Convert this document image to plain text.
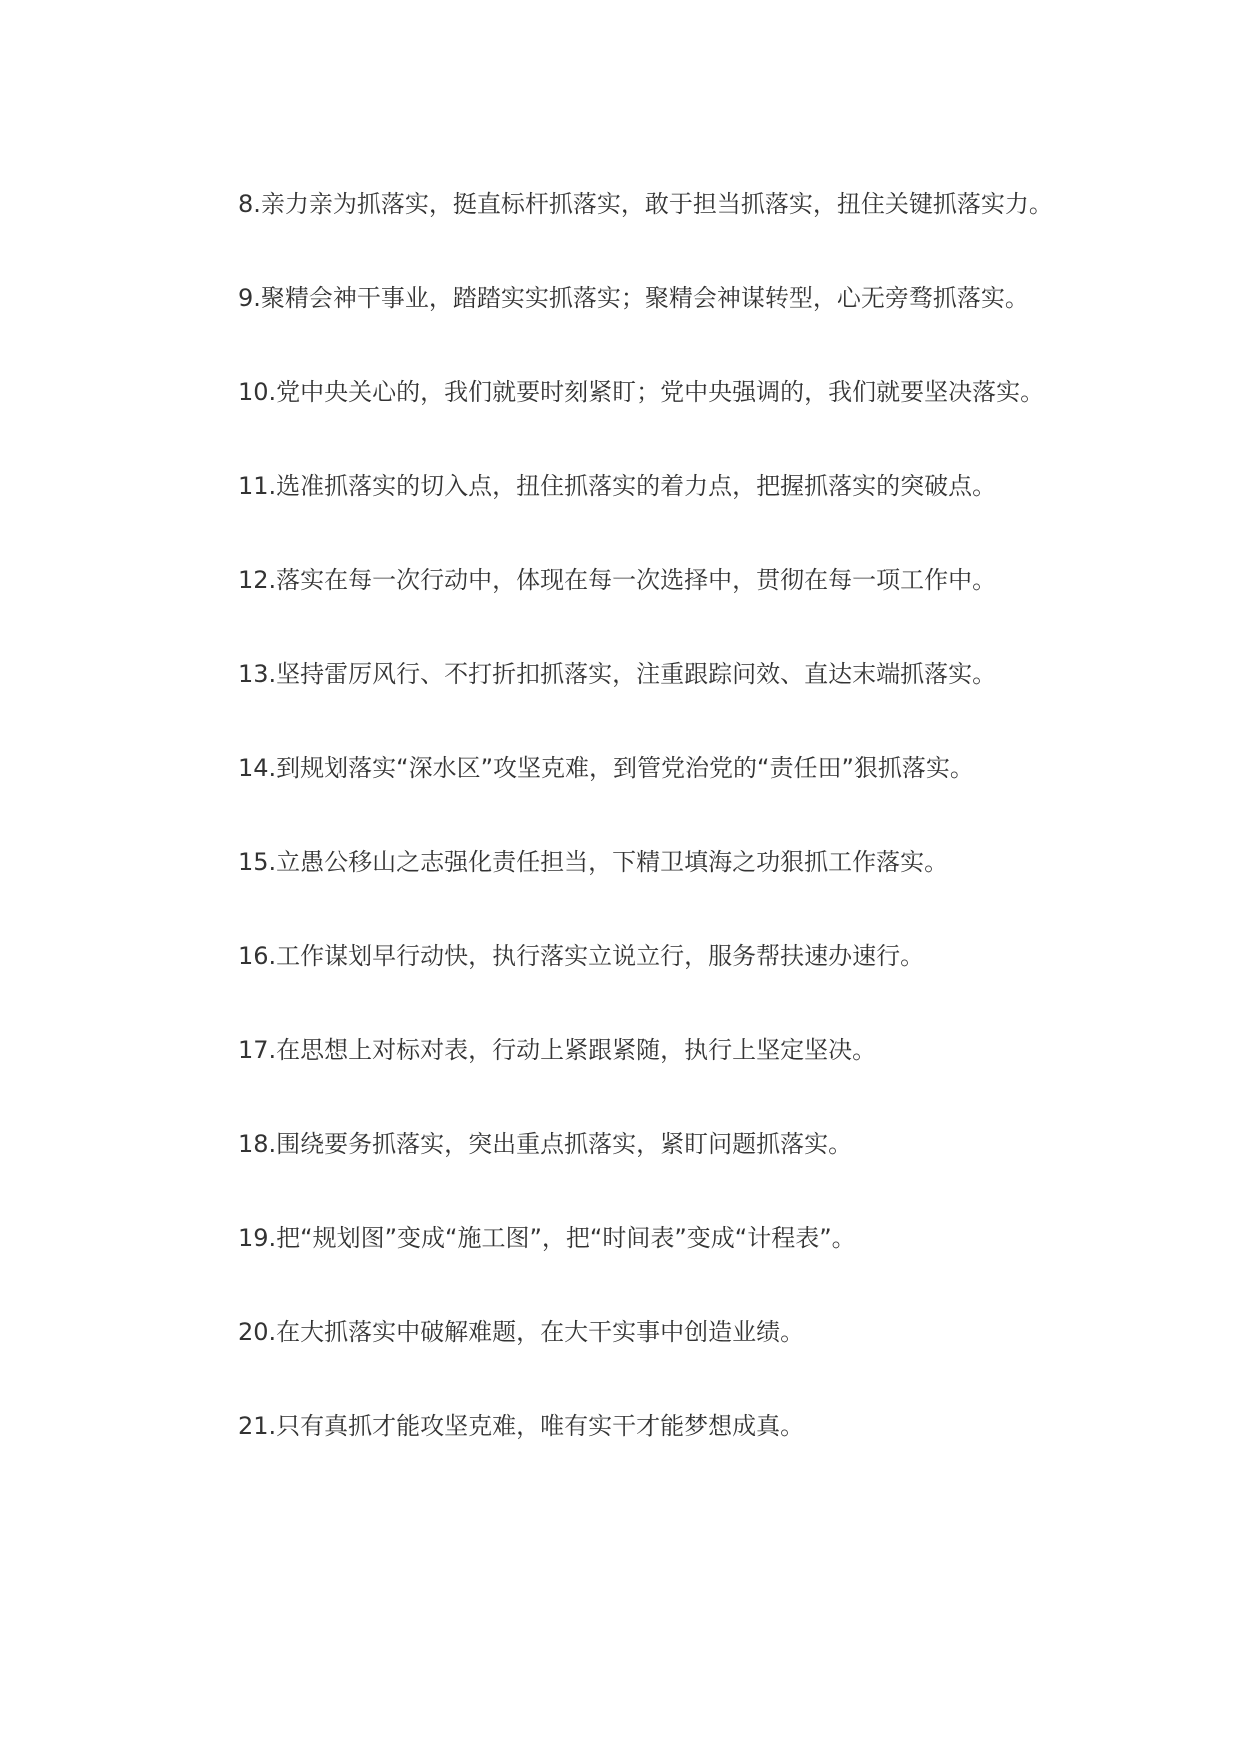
8.亲力亲为抓落实，挺直标杆抓落实，敢于担当抓落实，扭住关键抓落实力。
9.聚精会神干事业，踏踏实实抓落实；聚精会神谋转型，心无旁骛抓落实。
10.党中央关心的，我们就要时刻紧盯；党中央强调的，我们就要坚决落实。
11.选准抓落实的切入点，扭住抓落实的着力点，把握抓落实的突破点。
12.落实在每一次行动中，体现在每一次选择中，贯彻在每一项工作中。
13.坚持雷厉风行、不打折扣抓落实，注重跟踪问效、直达末端抓落实。
14.到规划落实“深水区”攻坚克难，到管党治党的“责任田”狠抓落实。
15.立愚公移山之志强化责任担当，下精卫填海之功狠抓工作落实。
16.工作谋划早行动快，执行落实立说立行，服务帮扶速办速行。
17.在思想上对标对表，行动上紧跟紧随，执行上坚定坚决。
18.围绕要务抓落实，突出重点抓落实，紧盯问题抓落实。
19.把“规划图”变成“施工图”，把“时间表”变成“计程表”。
20.在大抓落实中破解难题，在大干实事中创造业绩。
21.只有真抓才能攻坚克难，唯有实干才能梦想成真。
